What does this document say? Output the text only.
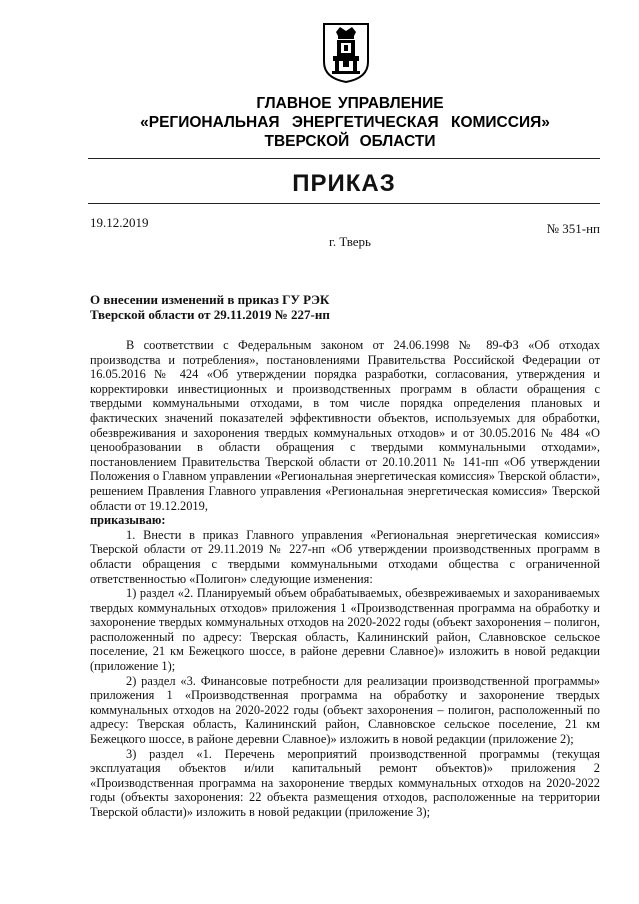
ГЛАВНОЕ УПРАВЛЕНИЕ
«РЕГИОНАЛЬНАЯ ЭНЕРГЕТИЧЕСКАЯ КОМИССИЯ»
ТВЕРСКОЙ ОБЛАСТИ
ПРИКАЗ
19.12.2019	№ 351-нп
г. Тверь
О внесении изменений в приказ ГУ РЭК
Тверской области от 29.11.2019 № 227-нп

В соответствии с Федеральным законом от 24.06.1998 № 89-ФЗ «Об отходах производства и потребления», постановлениями Правительства Российской Федерации от 16.05.2016 № 424 «Об утверждении порядка разработки, согласования, утверждения и корректировки инвестиционных и производственных программ в области обращения с твердыми коммунальными отходами, в том числе порядка определения плановых и фактических значений показателей эффективности объектов, используемых для обработки, обезвреживания и захоронения твердых коммунальных отходов» и от 30.05.2016 № 484 «О ценообразовании в области обращения с твердыми коммунальными отходами», постановлением Правительства Тверской области от 20.10.2011 № 141-пп «Об утверждении Положения о Главном управлении «Региональная энергетическая комиссия» Тверской области», решением Правления Главного управления «Региональная энергетическая комиссия» Тверской области от 19.12.2019,

приказываю:

1. Внести в приказ Главного управления «Региональная энергетическая комиссия» Тверской области от 29.11.2019 № 227-нп «Об утверждении производственных программ в области обращения с твердыми коммунальными отходами общества с ограниченной ответственностью «Полигон» следующие изменения:

1) раздел «2. Планируемый объем обрабатываемых, обезвреживаемых и захораниваемых твердых коммунальных отходов» приложения 1 «Производственная программа на обработку и захоронение твердых коммунальных отходов на 2020-2022 годы (объект захоронения – полигон, расположенный по адресу: Тверская область, Калининский район, Славновское сельское поселение, 21 км Бежецкого шоссе, в районе деревни Славное)» изложить в новой редакции (приложение 1);

2) раздел «3. Финансовые потребности для реализации производственной программы» приложения 1 «Производственная программа на обработку и захоронение твердых коммунальных отходов на 2020-2022 годы (объект захоронения – полигон, расположенный по адресу: Тверская область, Калининский район, Славновское сельское поселение, 21 км Бежецкого шоссе, в районе деревни Славное)» изложить в новой редакции (приложение 2);

3) раздел «1. Перечень мероприятий производственной программы (текущая эксплуатация объектов и/или капитальный ремонт объектов)» приложения 2 «Производственная программа на захоронение твердых коммунальных отходов на 2020-2022 годы (объекты захоронения: 22 объекта размещения отходов, расположенные на территории Тверской области)» изложить в новой редакции (приложение 3);
